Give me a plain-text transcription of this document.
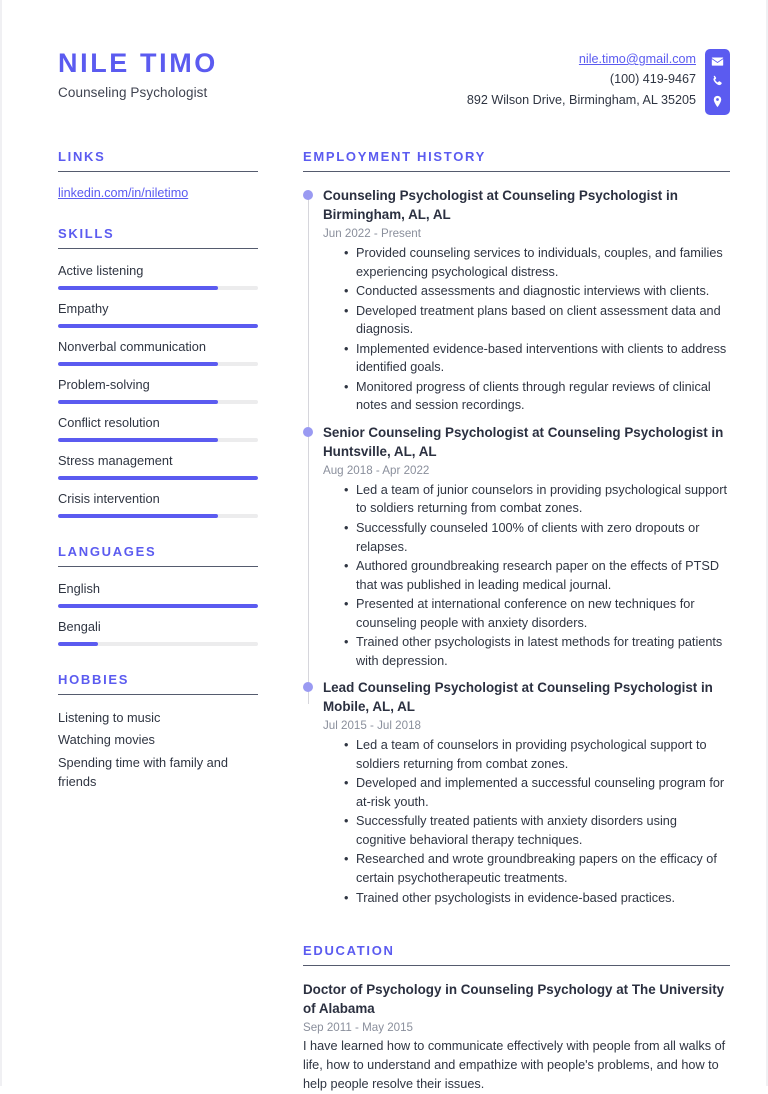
NILE TIMO
Counseling Psychologist
nile.timo@gmail.com
(100) 419-9467
892 Wilson Drive, Birmingham, AL 35205
LINKS
linkedin.com/in/niletimo
SKILLS
Active listening
Empathy
Nonverbal communication
Problem-solving
Conflict resolution
Stress management
Crisis intervention
LANGUAGES
English
Bengali
HOBBIES
Listening to music
Watching movies
Spending time with family and friends
EMPLOYMENT HISTORY
Counseling Psychologist at Counseling Psychologist in Birmingham, AL, AL
Jun 2022 - Present
• Provided counseling services to individuals, couples, and families experiencing psychological distress.
• Conducted assessments and diagnostic interviews with clients.
• Developed treatment plans based on client assessment data and diagnosis.
• Implemented evidence-based interventions with clients to address identified goals.
• Monitored progress of clients through regular reviews of clinical notes and session recordings.
Senior Counseling Psychologist at Counseling Psychologist in Huntsville, AL, AL
Aug 2018 - Apr 2022
• Led a team of junior counselors in providing psychological support to soldiers returning from combat zones.
• Successfully counseled 100% of clients with zero dropouts or relapses.
• Authored groundbreaking research paper on the effects of PTSD that was published in leading medical journal.
• Presented at international conference on new techniques for counseling people with anxiety disorders.
• Trained other psychologists in latest methods for treating patients with depression.
Lead Counseling Psychologist at Counseling Psychologist in Mobile, AL, AL
Jul 2015 - Jul 2018
• Led a team of counselors in providing psychological support to soldiers returning from combat zones.
• Developed and implemented a successful counseling program for at-risk youth.
• Successfully treated patients with anxiety disorders using cognitive behavioral therapy techniques.
• Researched and wrote groundbreaking papers on the efficacy of certain psychotherapeutic treatments.
• Trained other psychologists in evidence-based practices.
EDUCATION
Doctor of Psychology in Counseling Psychology at The University of Alabama
Sep 2011 - May 2015

I have learned how to communicate effectively with people from all walks of life, how to understand and empathize with people's problems, and how to help people resolve their issues.
